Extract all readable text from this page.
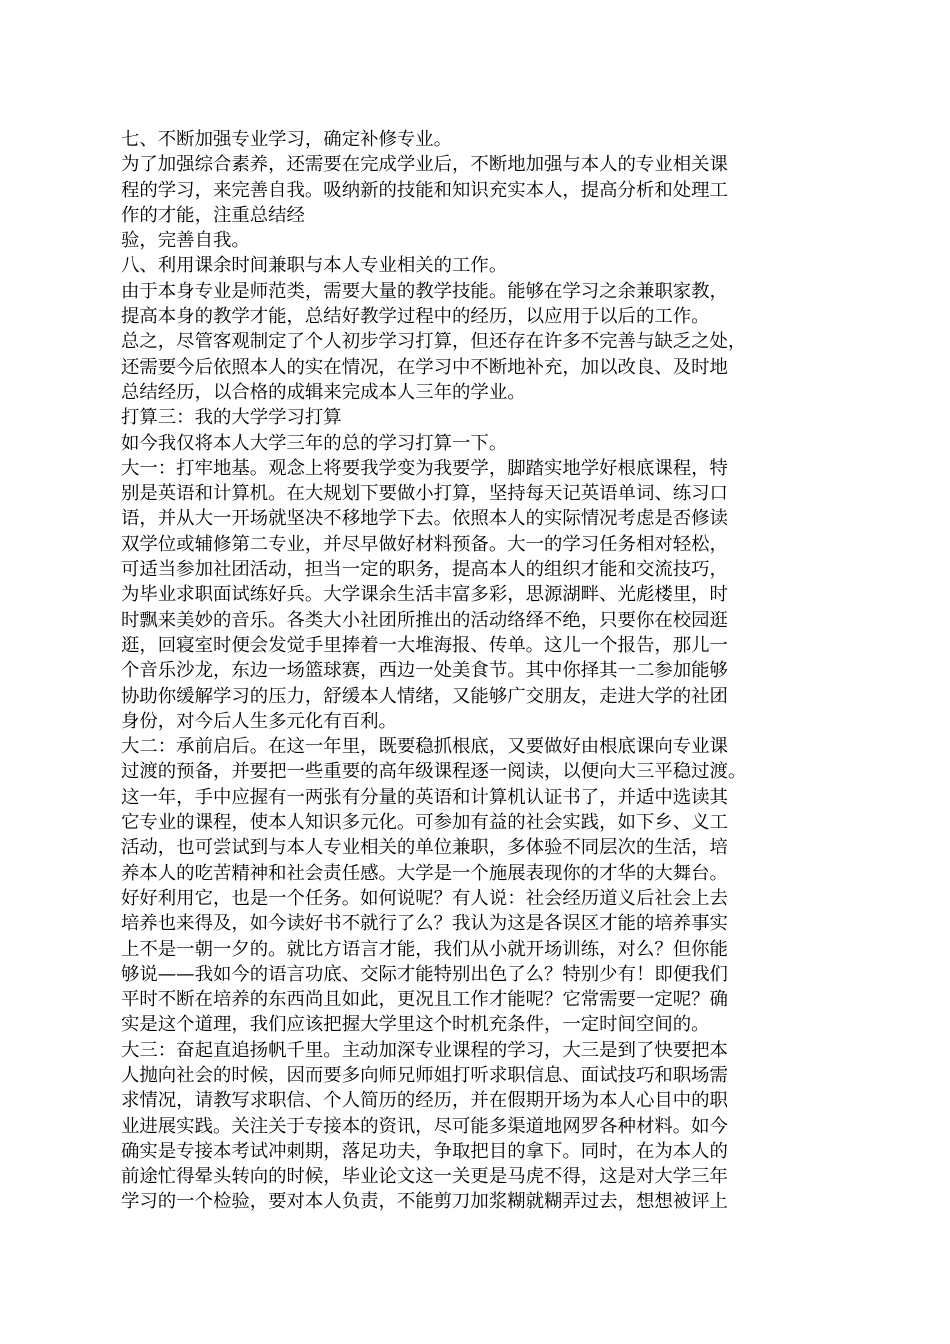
七、不断加强专业学习，确定补修专业。
为了加强综合素养，还需要在完成学业后，不断地加强与本人的专业相关课
程的学习，来完善自我。吸纳新的技能和知识充实本人，提高分析和处理工
作的才能，注重总结经
验，完善自我。
八、利用课余时间兼职与本人专业相关的工作。
由于本身专业是师范类，需要大量的教学技能。能够在学习之余兼职家教，
提高本身的教学才能，总结好教学过程中的经历，以应用于以后的工作。
总之，尽管客观制定了个人初步学习打算，但还存在许多不完善与缺乏之处，
还需要今后依照本人的实在情况，在学习中不断地补充，加以改良、及时地
总结经历，以合格的成辑来完成本人三年的学业。
打算三：我的大学学习打算
如今我仅将本人大学三年的总的学习打算一下。
大一：打牢地基。观念上将要我学变为我要学，脚踏实地学好根底课程，特
别是英语和计算机。在大规划下要做小打算，坚持每天记英语单词、练习口
语，并从大一开场就坚决不移地学下去。依照本人的实际情况考虑是否修读
双学位或辅修第二专业，并尽早做好材料预备。大一的学习任务相对轻松，
可适当参加社团活动，担当一定的职务，提高本人的组织才能和交流技巧，
为毕业求职面试练好兵。大学课余生活丰富多彩，思源湖畔、光彪楼里，时
时飘来美妙的音乐。各类大小社团所推出的活动络绎不绝，只要你在校园逛
逛，回寝室时便会发觉手里捧着一大堆海报、传单。这儿一个报告，那儿一
个音乐沙龙，东边一场篮球赛，西边一处美食节。其中你择其一二参加能够
协助你缓解学习的压力，舒缓本人情绪，又能够广交朋友，走进大学的社团
身份，对今后人生多元化有百利。
大二：承前启后。在这一年里，既要稳抓根底，又要做好由根底课向专业课
过渡的预备，并要把一些重要的高年级课程逐一阅读，以便向大三平稳过渡。
这一年，手中应握有一两张有分量的英语和计算机认证书了，并适中选读其
它专业的课程，使本人知识多元化。可参加有益的社会实践，如下乡、义工
活动，也可尝试到与本人专业相关的单位兼职，多体验不同层次的生活，培
养本人的吃苦精神和社会责任感。大学是一个施展表现你的才华的大舞台。
好好利用它，也是一个任务。如何说呢？有人说：社会经历道义后社会上去
培养也来得及，如今读好书不就行了么？我认为这是各误区才能的培养事实
上不是一朝一夕的。就比方语言才能，我们从小就开场训练，对么？但你能
够说——我如今的语言功底、交际才能特别出色了么？特别少有！即便我们
平时不断在培养的东西尚且如此，更况且工作才能呢？它常需要一定呢？确
实是这个道理，我们应该把握大学里这个时机充条件，一定时间空间的。
大三：奋起直追扬帆千里。主动加深专业课程的学习，大三是到了快要把本
人抛向社会的时候，因而要多向师兄师姐打听求职信息、面试技巧和职场需
求情况，请教写求职信、个人简历的经历，并在假期开场为本人心目中的职
业进展实践。关注关于专接本的资讯，尽可能多渠道地网罗各种材料。如今
确实是专接本考试冲刺期，落足功夫，争取把目的拿下。同时，在为本人的
前途忙得晕头转向的时候，毕业论文这一关更是马虎不得，这是对大学三年
学习的一个检验，要对本人负责，不能剪刀加浆糊就糊弄过去，想想被评上
